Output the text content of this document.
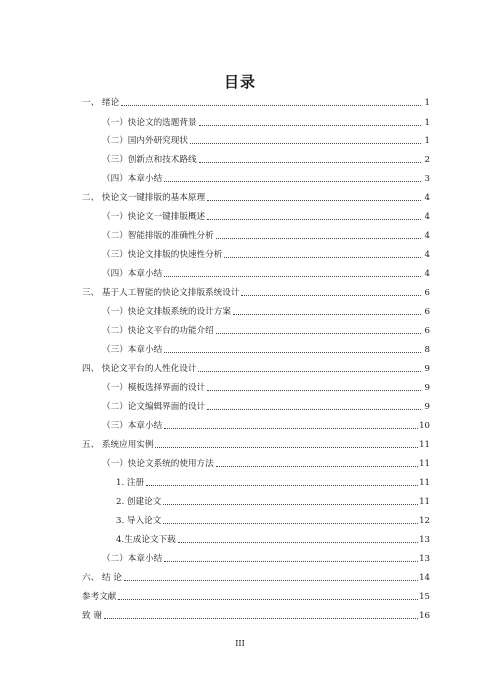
目录
一、 绪论	1
（一）快论文的选题背景	1
（二）国内外研究现状	1
（三）创新点和技术路线	2
（四）本章小结	3
二、 快论文一键排版的基本原理	4
（一）快论文一键排版概述	4
（二）智能排版的准确性分析	4
（三）快论文排版的快速性分析	4
（四）本章小结	4
三、 基于人工智能的快论文排版系统设计	6
（一）快论文排版系统的设计方案	6
（二）快论文平台的功能介绍	6
（三）本章小结	8
四、 快论文平台的人性化设计	9
（一）模板选择界面的设计	9
（二）论文编辑界面的设计	9
（三）本章小结	10
五、 系统应用实例	11
（一）快论文系统的使用方法	11
1. 注册	11
2. 创建论文	11
3. 导入论文	12
4.生成论文下载	13
（二）本章小结	13
六、 结 论	14
参考文献	15
致 谢	16
III
